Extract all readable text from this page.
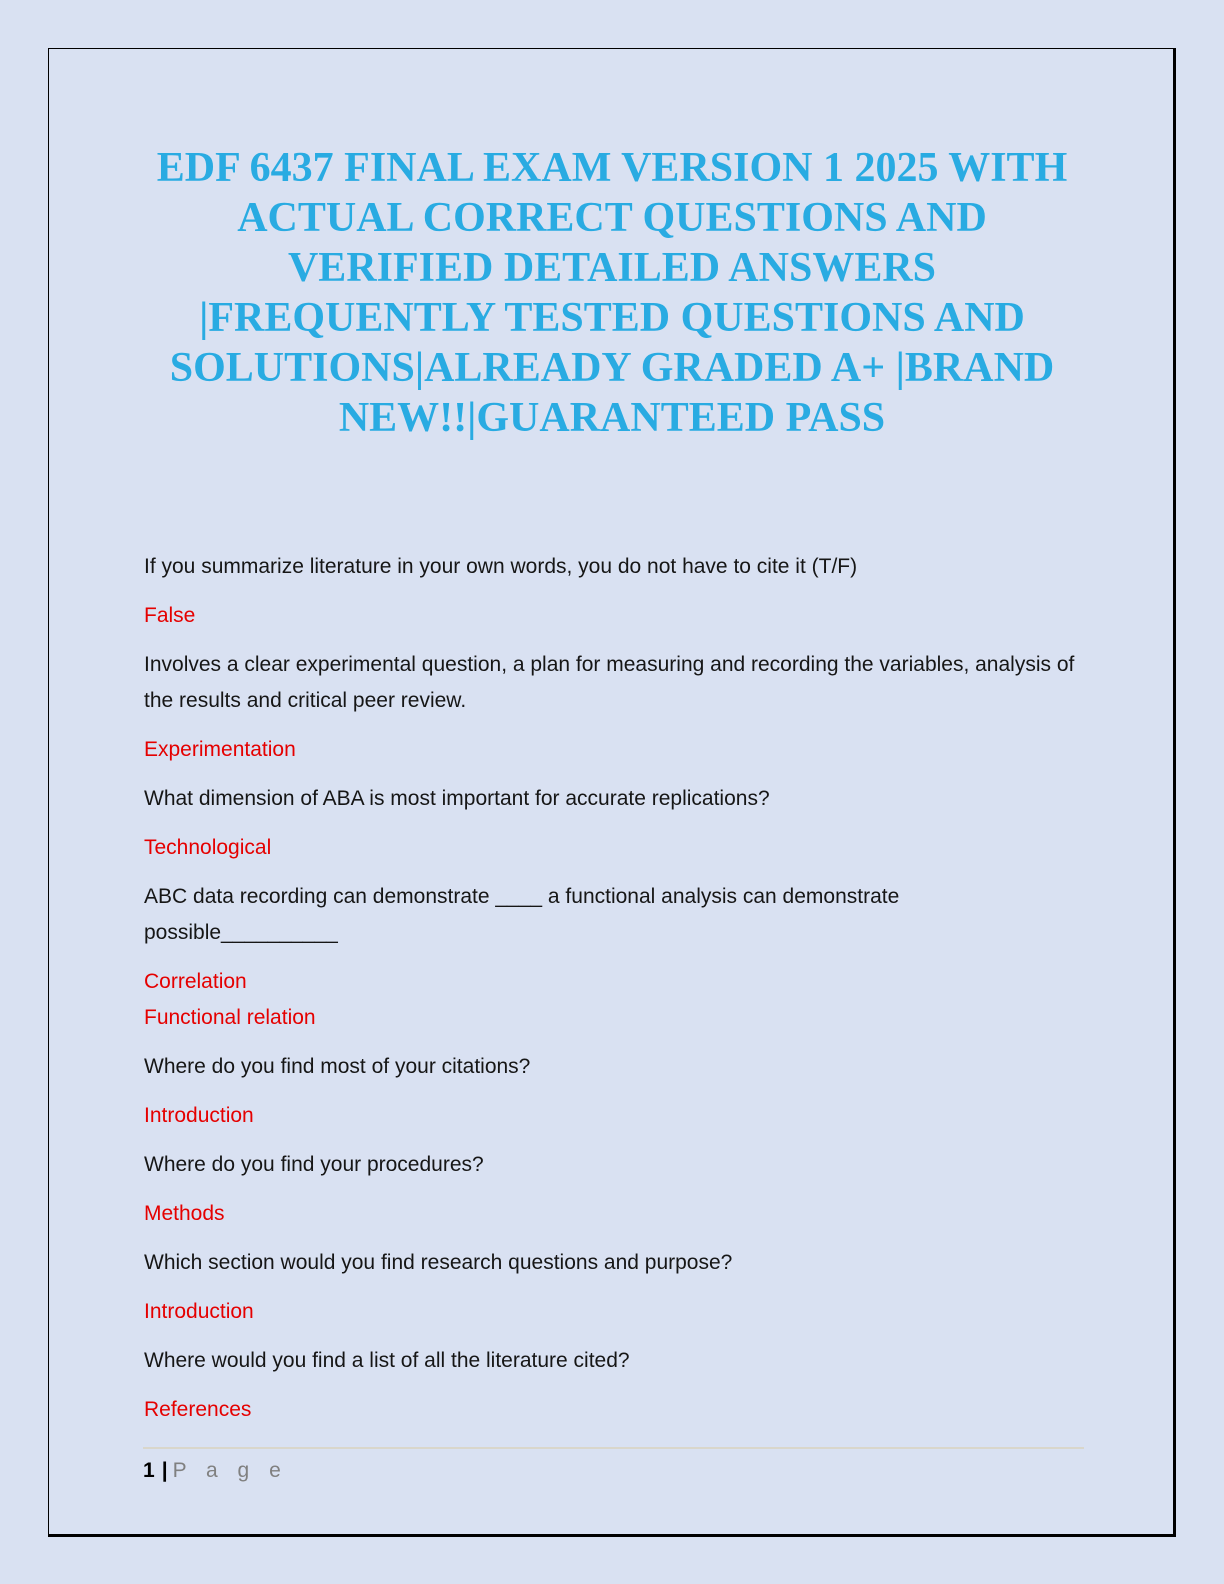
EDF 6437 FINAL EXAM VERSION 1 2025 WITH
ACTUAL CORRECT QUESTIONS AND
VERIFIED DETAILED ANSWERS
|FREQUENTLY TESTED QUESTIONS AND
SOLUTIONS|ALREADY GRADED A+ |BRAND
NEW!!|GUARANTEED PASS
If you summarize literature in your own words, you do not have to cite it (T/F)
False
Involves a clear experimental question, a plan for measuring and recording the variables, analysis of the results and critical peer review.
Experimentation
What dimension of ABA is most important for accurate replications?
Technological
ABC data recording can demonstrate ____ a functional analysis can demonstrate possible__________
Correlation
Functional relation
Where do you find most of your citations?
Introduction
Where do you find your procedures?
Methods
Which section would you find research questions and purpose?
Introduction
Where would you find a list of all the literature cited?
References
1 | P a g e
